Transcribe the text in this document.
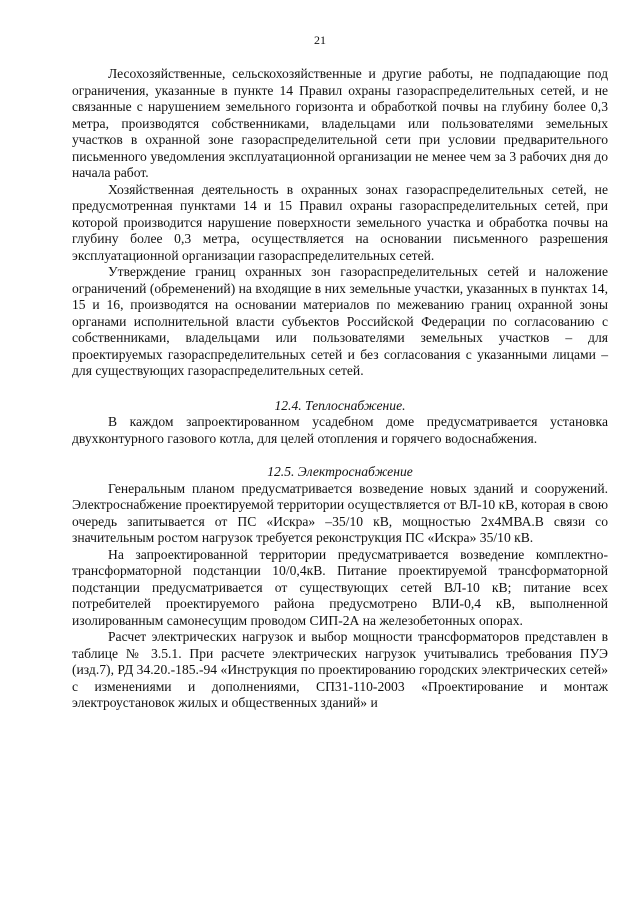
21

Лесохозяйственные, сельскохозяйственные и другие работы, не подпадающие под ограничения, указанные в пункте 14 Правил охраны газораспределительных сетей, и не связанные с нарушением земельного горизонта и обработкой почвы на глубину более 0,3 метра, производятся собственниками, владельцами или пользователями земельных участков в охранной зоне газораспределительной сети при условии предварительного письменного уведомления эксплуатационной организации не менее чем за 3 рабочих дня до начала работ.

Хозяйственная деятельность в охранных зонах газораспределительных сетей, не предусмотренная пунктами 14 и 15 Правил охраны газораспределительных сетей, при которой производится нарушение поверхности земельного участка и обработка почвы на глубину более 0,3 метра, осуществляется на основании письменного разрешения эксплуатационной организации газораспределительных сетей.

Утверждение границ охранных зон газораспределительных сетей и наложение ограничений (обременений) на входящие в них земельные участки, указанных в пунктах 14, 15 и 16, производятся на основании материалов по межеванию границ охранной зоны органами исполнительной власти субъектов Российской Федерации по согласованию с собственниками, владельцами или пользователями земельных участков – для проектируемых газораспределительных сетей и без согласования с указанными лицами – для существующих газораспределительных сетей.

12.4. Теплоснабжение.

В каждом запроектированном усадебном доме предусматривается установка двухконтурного газового котла, для целей отопления и горячего водоснабжения.

12.5. Электроснабжение

Генеральным планом предусматривается возведение новых зданий и сооружений. Электроснабжение проектируемой территории осуществляется от ВЛ-10 кВ, которая в свою очередь запитывается от ПС «Искра» –35/10 кВ, мощностью 2х4МВА.В связи со значительным ростом нагрузок требуется реконструкция ПС «Искра» 35/10 кВ.

На запроектированной территории предусматривается возведение комплектно-трансформаторной подстанции 10/0,4кВ. Питание проектируемой трансформаторной подстанции предусматривается от существующих сетей ВЛ-10 кВ; питание всех потребителей проектируемого района предусмотрено ВЛИ-0,4 кВ, выполненной изолированным самонесущим проводом СИП-2А на железобетонных опорах.

Расчет электрических нагрузок и выбор мощности трансформаторов представлен в таблице № 3.5.1. При расчете электрических нагрузок учитывались требования ПУЭ (изд.7), РД 34.20.-185.-94 «Инструкция по проектированию городских электрических сетей» с изменениями и дополнениями, СП31-110-2003 «Проектирование и монтаж электроустановок жилых и общественных зданий» и
